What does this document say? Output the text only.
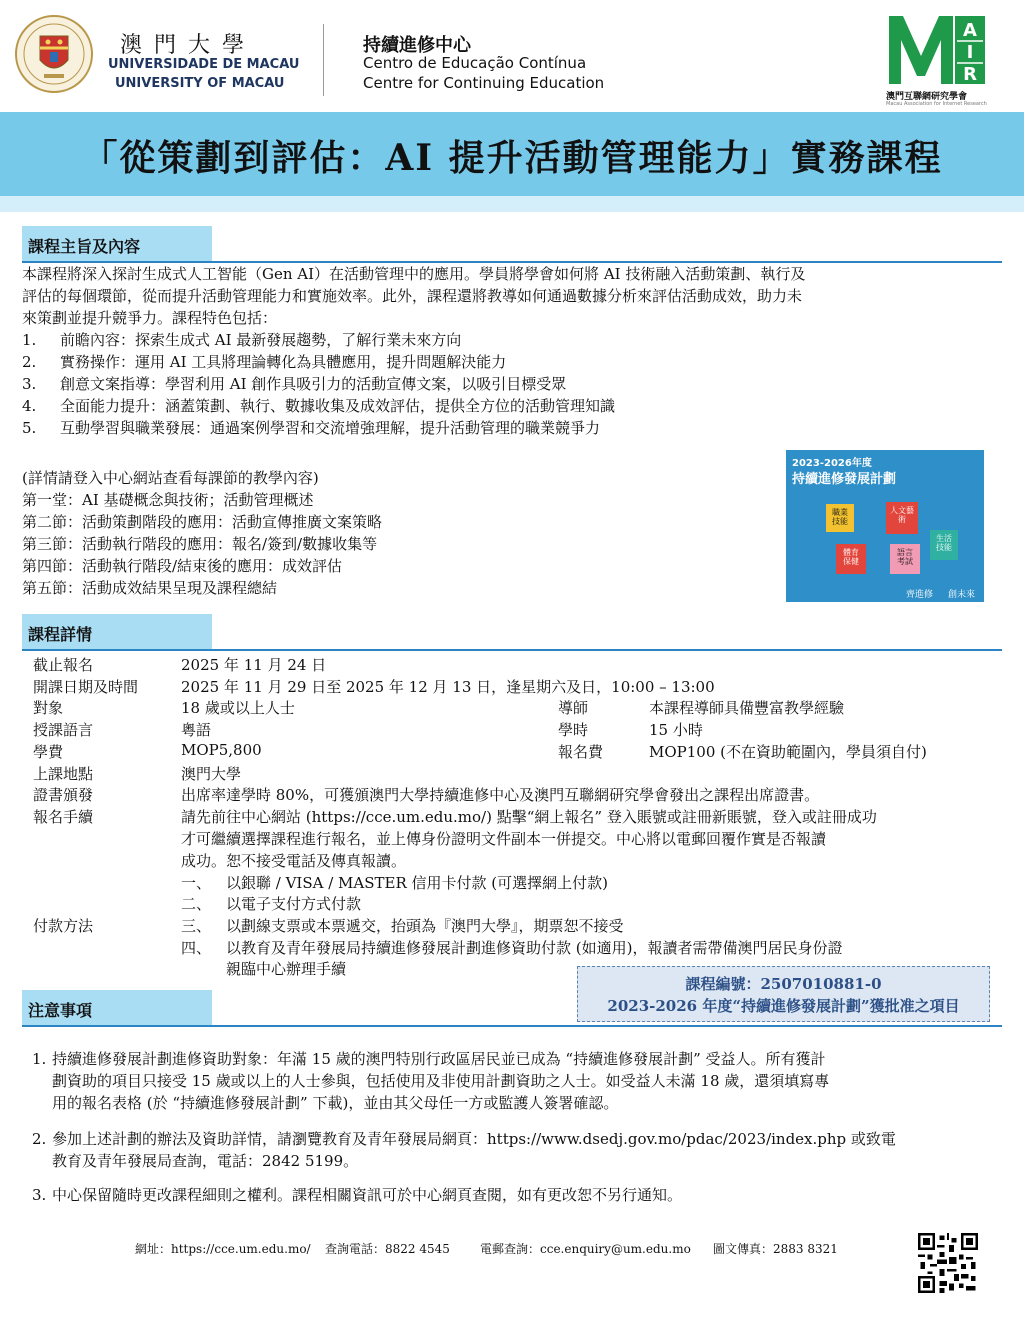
澳門大學
UNIVERSIDADE DE MACAU
UNIVERSITY OF MACAU
持續進修中心
Centro de Educação Contínua
Centre for Continuing Education
A
I
R
澳門互聯網研究學會
Macau Association for Internet Research
「從策劃到評估：AI 提升活動管理能力」實務課程
課程主旨及內容
本課程將深入探討生成式人工智能（Gen AI）在活動管理中的應用。學員將學會如何將 AI 技術融入活動策劃、執行及
評估的每個環節，從而提升活動管理能力和實施效率。此外，課程還將教導如何通過數據分析來評估活動成效，助力未
來策劃並提升競爭力。課程特色包括：
1. 前瞻內容：探索生成式 AI 最新發展趨勢，了解行業未來方向
2. 實務操作：運用 AI 工具將理論轉化為具體應用，提升問題解決能力
3. 創意文案指導：學習利用 AI 創作具吸引力的活動宣傳文案，以吸引目標受眾
4. 全面能力提升：涵蓋策劃、執行、數據收集及成效評估，提供全方位的活動管理知識
5. 互動學習與職業發展：通過案例學習和交流增強理解，提升活動管理的職業競爭力
(詳情請登入中心網站查看每課節的教學內容)
第一堂：AI 基礎概念與技術；活動管理概述
第二節：活動策劃階段的應用：活動宣傳推廣文案策略
第三節：活動執行階段的應用：報名/簽到/數據收集等
第四節：活動執行階段/結束後的應用：成效評估
第五節：活動成效結果呈現及課程總結
2023-2026年度
持續進修發展計劃
職業技能
人文藝術
生活技能
體育保健
語言考試
齊進修 創未來
課程詳情
截止報名	2025 年 11 月 24 日
開課日期及時間	2025 年 11 月 29 日至 2025 年 12 月 13 日，逢星期六及日，10:00 – 13:00
對象	18 歲或以上人士	導師	本課程導師具備豐富教學經驗
授課語言	粵語	學時	15 小時
學費	MOP5,800	報名費	MOP100 (不在資助範圍內，學員須自付)
上課地點	澳門大學
證書頒發	出席率達學時 80%，可獲頒澳門大學持續進修中心及澳門互聯網研究學會發出之課程出席證書。
報名手續	請先前往中心網站 (https://cce.um.edu.mo/) 點擊“網上報名” 登入賬號或註冊新賬號，登入或註冊成功
才可繼續選擇課程進行報名，並上傳身份證明文件副本一併提交。中心將以電郵回覆作實是否報讀
成功。恕不接受電話及傳真報讀。
一、 以銀聯 / VISA / MASTER 信用卡付款 (可選擇網上付款)
二、 以電子支付方式付款
付款方法	三、 以劃線支票或本票遞交，抬頭為『澳門大學』，期票恕不接受
四、 以教育及青年發展局持續進修發展計劃進修資助付款 (如適用)，報讀者需帶備澳門居民身份證
親臨中心辦理手續
課程編號：2507010881-0
2023-2026 年度“持續進修發展計劃”獲批准之項目
注意事項
1. 持續進修發展計劃進修資助對象：年滿 15 歲的澳門特別行政區居民並已成為 “持續進修發展計劃” 受益人。所有獲計
劃資助的項目只接受 15 歲或以上的人士參與，包括使用及非使用計劃資助之人士。如受益人未滿 18 歲，還須填寫專
用的報名表格 (於 “持續進修發展計劃” 下載)，並由其父母任一方或監護人簽署確認。
2. 參加上述計劃的辦法及資助詳情，請瀏覽教育及青年發展局網頁：https://www.dsedj.gov.mo/pdac/2023/index.php 或致電
教育及青年發展局查詢，電話：2842 5199。
3. 中心保留隨時更改課程細則之權利。課程相關資訊可於中心網頁查閱，如有更改恕不另行通知。
網址：https://cce.um.edu.mo/ 查詢電話：8822 4545	電郵查詢：cce.enquiry@um.edu.mo 圖文傳真：2883 8321
